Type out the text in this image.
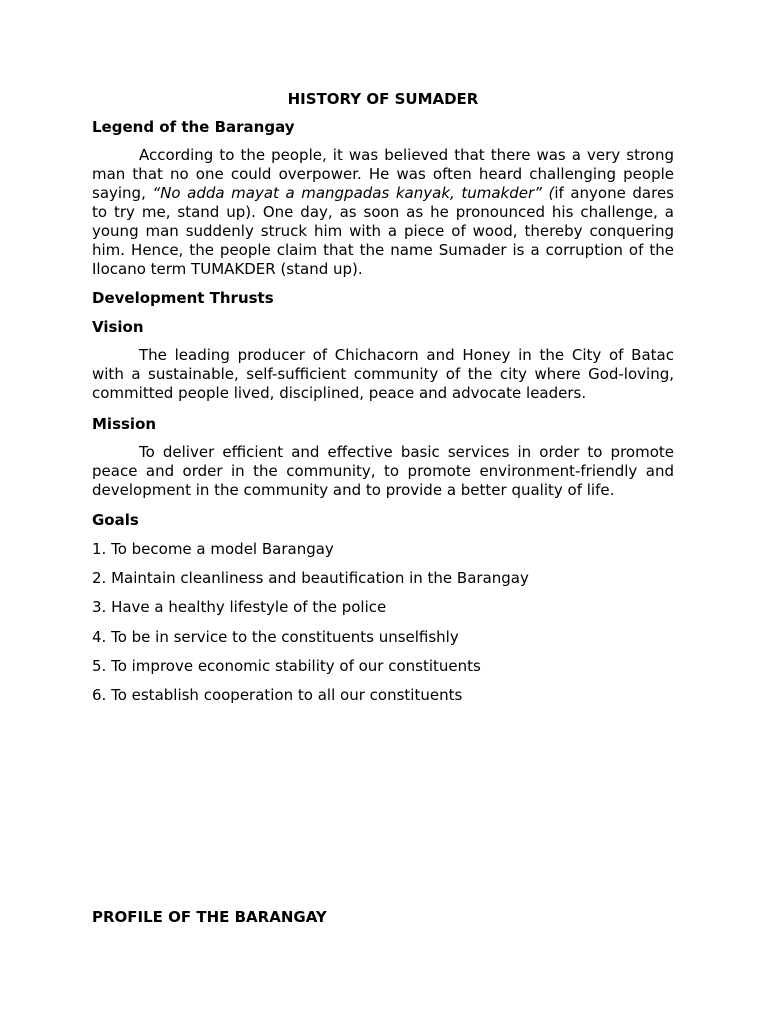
HISTORY OF SUMADER
Legend of the Barangay

According to the people, it was believed that there was a very strong man that no one could overpower. He was often heard challenging people saying, “No adda mayat a mangpadas kanyak, tumakder” (if anyone dares to try me, stand up). One day, as soon as he pronounced his challenge, a young man suddenly struck him with a piece of wood, thereby conquering him. Hence, the people claim that the name Sumader is a corruption of the Ilocano term TUMAKDER (stand up).

Development Thrusts
Vision

The leading producer of Chichacorn and Honey in the City of Batac with a sustainable, self-sufficient community of the city where God-loving, committed people lived, disciplined, peace and advocate leaders.

Mission

To deliver efficient and effective basic services in order to promote peace and order in the community, to promote environment-friendly and development in the community and to provide a better quality of life.

Goals
1. To become a model Barangay
2. Maintain cleanliness and beautification in the Barangay
3. Have a healthy lifestyle of the police
4. To be in service to the constituents unselfishly
5. To improve economic stability of our constituents
6. To establish cooperation to all our constituents
PROFILE OF THE BARANGAY
